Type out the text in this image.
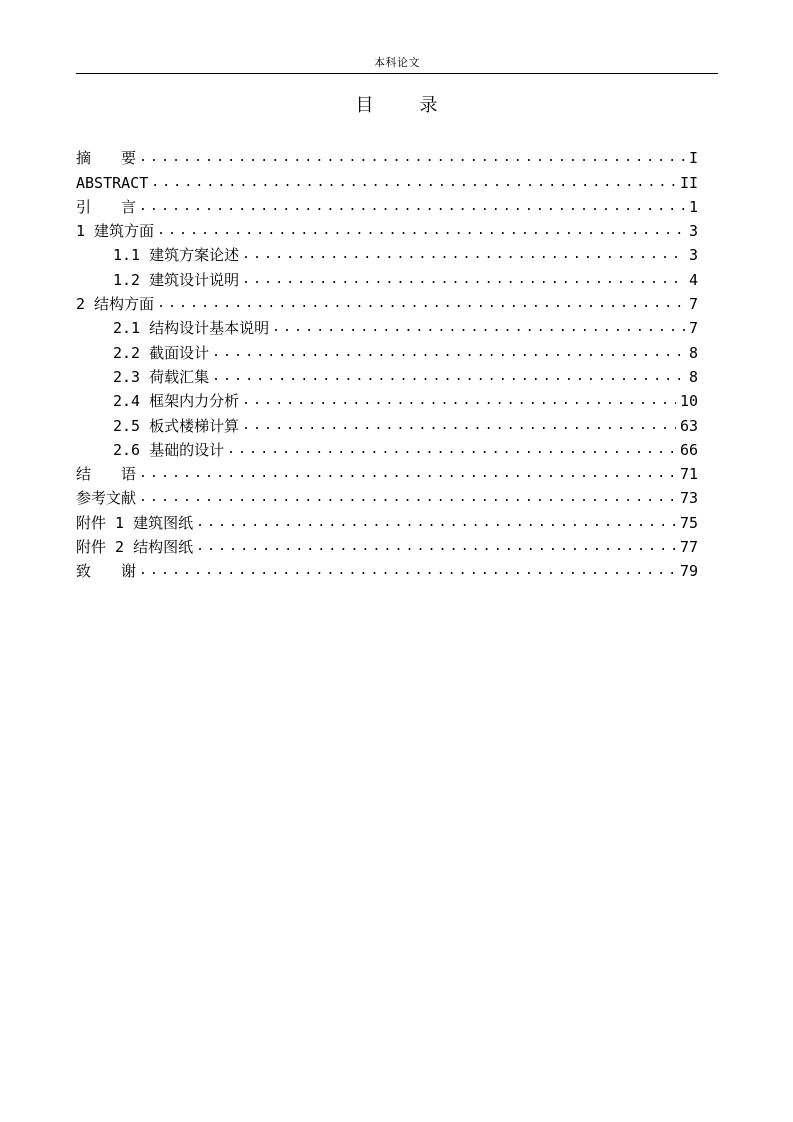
本科论文
目	录
摘　　要 .....	I
ABSTRACT .....	II
引　　言 .....	1
1 建筑方面 .....	3
1.1 建筑方案论述 .....	3
1.2 建筑设计说明 .....	4
2 结构方面 .....	7
2.1 结构设计基本说明 .....	7
2.2 截面设计 .....	8
2.3 荷载汇集 .....	8
2.4 框架内力分析 .....	10
2.5 板式楼梯计算 .....	63
2.6 基础的设计 .....	66
结　　语 .....	71
参考文献 .....	73
附件 1 建筑图纸 .....	75
附件 2 结构图纸 .....	77
致　　谢 .....	79
